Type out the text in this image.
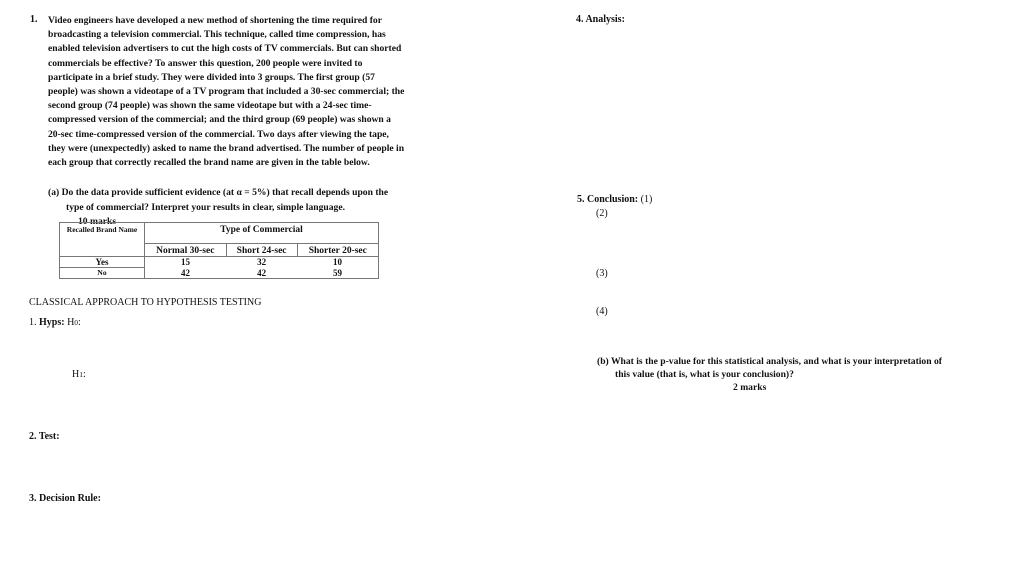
1. Video engineers have developed a new method of shortening the time required for
broadcasting a television commercial. This technique, called time compression, has
enabled television advertisers to cut the high costs of TV commercials. But can shorted
commercials be effective? To answer this question, 200 people were invited to
participate in a brief study. They were divided into 3 groups. The first group (57
people) was shown a videotape of a TV program that included a 30-sec commercial; the
second group (74 people) was shown the same videotape but with a 24-sec time-
compressed version of the commercial; and the third group (69 people) was shown a
20-sec time-compressed version of the commercial. Two days after viewing the tape,
they were (unexpectedly) asked to name the brand advertised. The number of people in
each group that correctly recalled the brand name are given in the table below.
(a) Do the data provide sufficient evidence (at α = 5%) that recall depends upon the
type of commercial? Interpret your results in clear, simple language.
10 marks
Recalled Brand Name	Type of Commercial		
	Normal 30-sec	Short 24-sec	Shorter 20-sec
Yes	15	32	10
No	42	42	59
CLASSICAL APPROACH TO HYPOTHESIS TESTING
1. Hyps: H0:
H1:
2. Test:
3. Decision Rule:
4. Analysis:
5. Conclusion: (1)
(2)
(3)
(4)
(b) What is the p-value for this statistical analysis, and what is your interpretation of
this value (that is, what is your conclusion)?
2 marks
